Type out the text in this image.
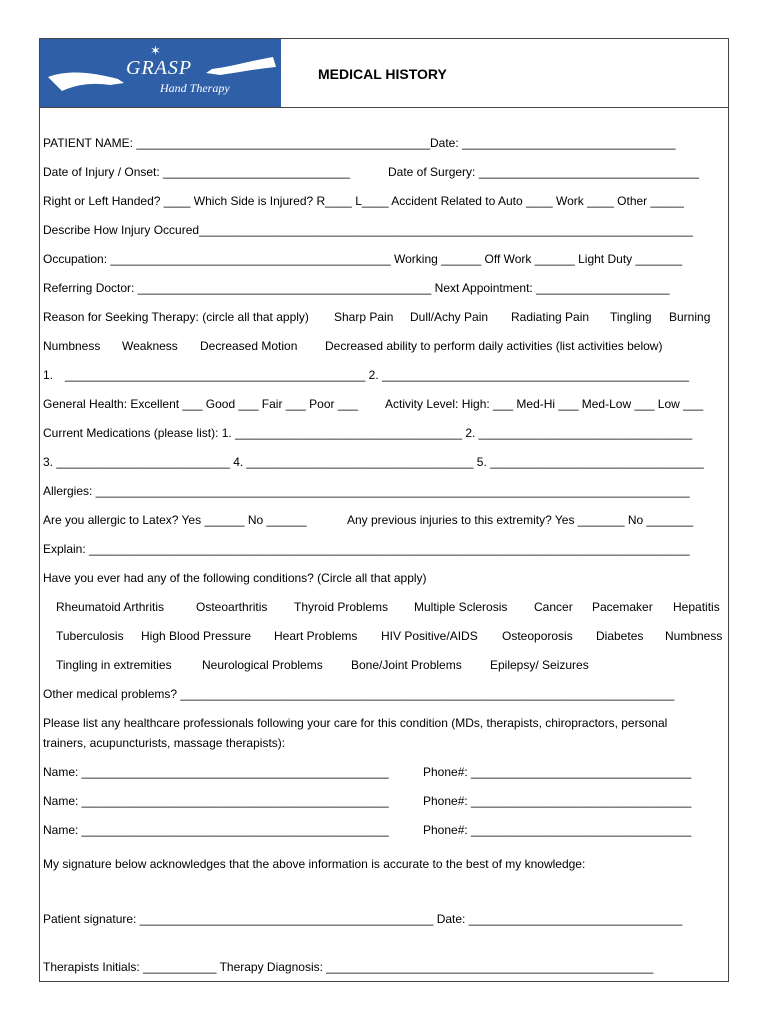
✶
GRASP
Hand Therapy
MEDICAL HISTORY
PATIENT NAME: ____________________________________________Date: ________________________________
Date of Injury / Onset: ____________________________	Date of Surgery: _________________________________
Right or Left Handed? ____ Which Side is Injured? R____ L____ Accident Related to Auto ____ Work ____ Other _____
Describe How Injury Occured__________________________________________________________________________
Occupation: __________________________________________ Working ______ Off Work ______ Light Duty _______
Referring Doctor: ____________________________________________ Next Appointment: ____________________
Reason for Seeking Therapy: (circle all that apply) Sharp Pain Dull/Achy Pain Radiating Pain Tingling Burning
Numbness Weakness Decreased Motion Decreased ability to perform daily activities (list activities below)
1. _____________________________________________ 2. ______________________________________________
General Health: Excellent ___ Good ___ Fair ___ Poor ___ Activity Level: High: ___ Med-Hi ___ Med-Low ___ Low ___
Current Medications (please list): 1. __________________________________ 2. ________________________________
3. __________________________ 4. __________________________________ 5. ________________________________
Allergies: _________________________________________________________________________________________
Are you allergic to Latex? Yes ______ No ______	Any previous injuries to this extremity? Yes _______ No _______
Explain: __________________________________________________________________________________________
Have you ever had any of the following conditions? (Circle all that apply)
Rheumatoid Arthritis	Osteoarthritis Thyroid Problems Multiple Sclerosis Cancer Pacemaker Hepatitis
Tuberculosis High Blood Pressure Heart Problems HIV Positive/AIDS Osteoporosis Diabetes Numbness
Tingling in extremities	Neurological Problems Bone/Joint Problems Epilepsy/ Seizures
Other medical problems? __________________________________________________________________________
Please list any healthcare professionals following your care for this condition (MDs, therapists, chiropractors, personal
trainers, acupuncturists, massage therapists):
Name: ______________________________________________	Phone#: _________________________________
Name: ______________________________________________	Phone#: _________________________________
Name: ______________________________________________	Phone#: _________________________________
My signature below acknowledges that the above information is accurate to the best of my knowledge:
Patient signature: ____________________________________________ Date: ________________________________
Therapists Initials: ___________ Therapy Diagnosis: _________________________________________________
